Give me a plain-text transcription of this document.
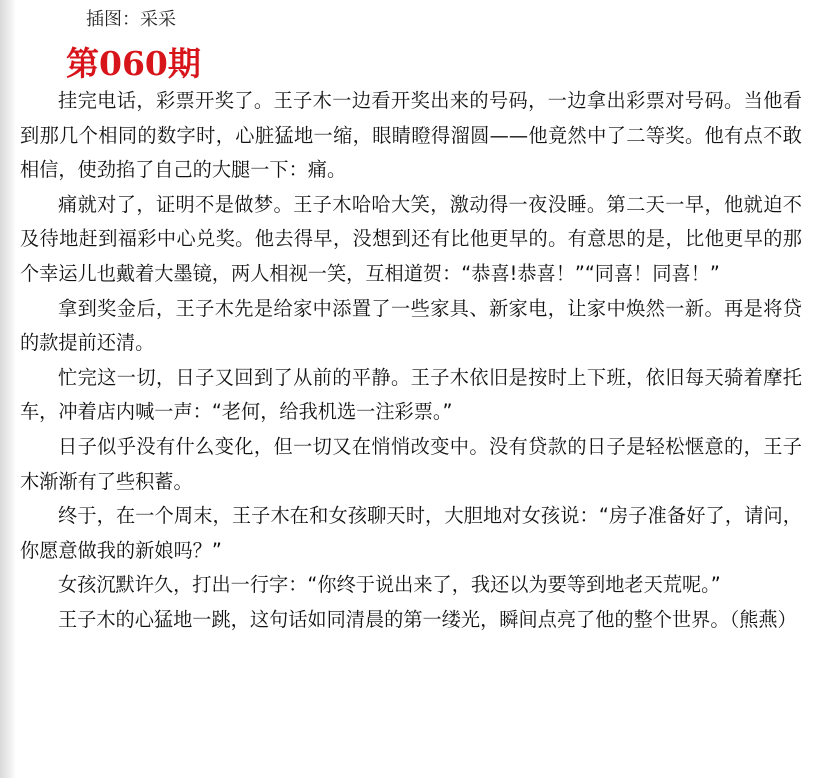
插图：采采
第060期

挂完电话，彩票开奖了。王子木一边看开奖出来的号码，一边拿出彩票对号码。当他看到那几个相同的数字时，心脏猛地一缩，眼睛瞪得溜圆——他竟然中了二等奖。他有点不敢相信，使劲掐了自己的大腿一下：痛。

痛就对了，证明不是做梦。王子木哈哈大笑，激动得一夜没睡。第二天一早，他就迫不及待地赶到福彩中心兑奖。他去得早，没想到还有比他更早的。有意思的是，比他更早的那个幸运儿也戴着大墨镜，两人相视一笑，互相道贺：“恭喜!恭喜！”“同喜！同喜！”

拿到奖金后，王子木先是给家中添置了一些家具、新家电，让家中焕然一新。再是将贷的款提前还清。

忙完这一切，日子又回到了从前的平静。王子木依旧是按时上下班，依旧每天骑着摩托车，冲着店内喊一声：“老何，给我机选一注彩票。”

日子似乎没有什么变化，但一切又在悄悄改变中。没有贷款的日子是轻松惬意的，王子木渐渐有了些积蓄。

终于，在一个周末，王子木在和女孩聊天时，大胆地对女孩说：“房子准备好了，请问，你愿意做我的新娘吗？”

女孩沉默许久，打出一行字：“你终于说出来了，我还以为要等到地老天荒呢。”

王子木的心猛地一跳，这句话如同清晨的第一缕光，瞬间点亮了他的整个世界。（熊燕）
